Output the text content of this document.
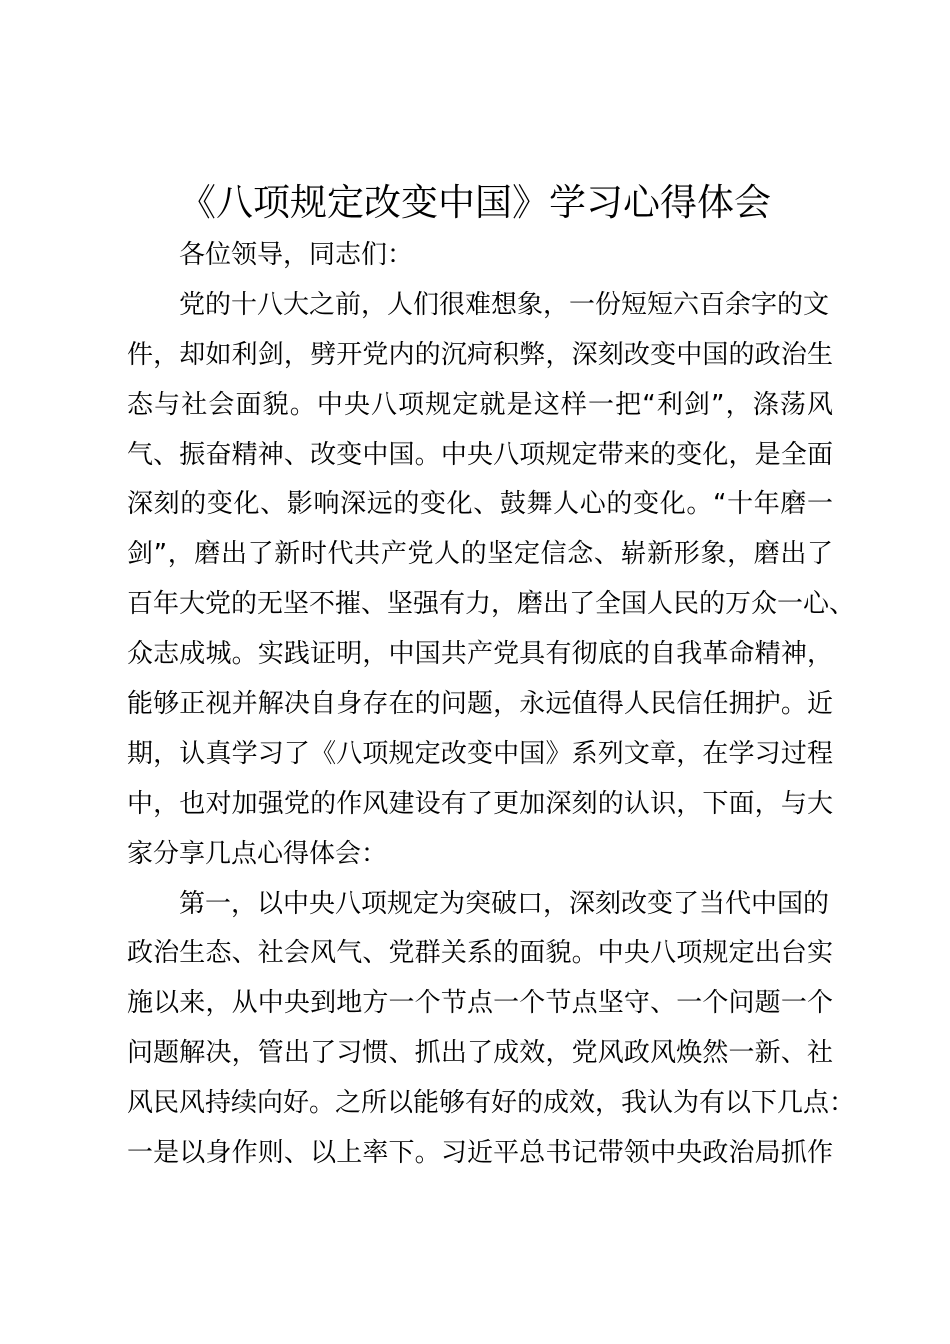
《八项规定改变中国》学习心得体会
各位领导，同志们：
党的十八大之前，人们很难想象，一份短短六百余字的文
件，却如利剑，劈开党内的沉疴积弊，深刻改变中国的政治生
态与社会面貌。中央八项规定就是这样一把“利剑”，涤荡风
气、振奋精神、改变中国。中央八项规定带来的变化，是全面
深刻的变化、影响深远的变化、鼓舞人心的变化。“十年磨一
剑”，磨出了新时代共产党人的坚定信念、崭新形象，磨出了
百年大党的无坚不摧、坚强有力，磨出了全国人民的万众一心、
众志成城。实践证明，中国共产党具有彻底的自我革命精神，
能够正视并解决自身存在的问题，永远值得人民信任拥护。近
期，认真学习了《八项规定改变中国》系列文章，在学习过程
中，也对加强党的作风建设有了更加深刻的认识，下面，与大
家分享几点心得体会：
第一，以中央八项规定为突破口，深刻改变了当代中国的
政治生态、社会风气、党群关系的面貌。中央八项规定出台实
施以来，从中央到地方一个节点一个节点坚守、一个问题一个
问题解决，管出了习惯、抓出了成效，党风政风焕然一新、社
风民风持续向好。之所以能够有好的成效，我认为有以下几点：
一是以身作则、以上率下。习近平总书记带领中央政治局抓作
